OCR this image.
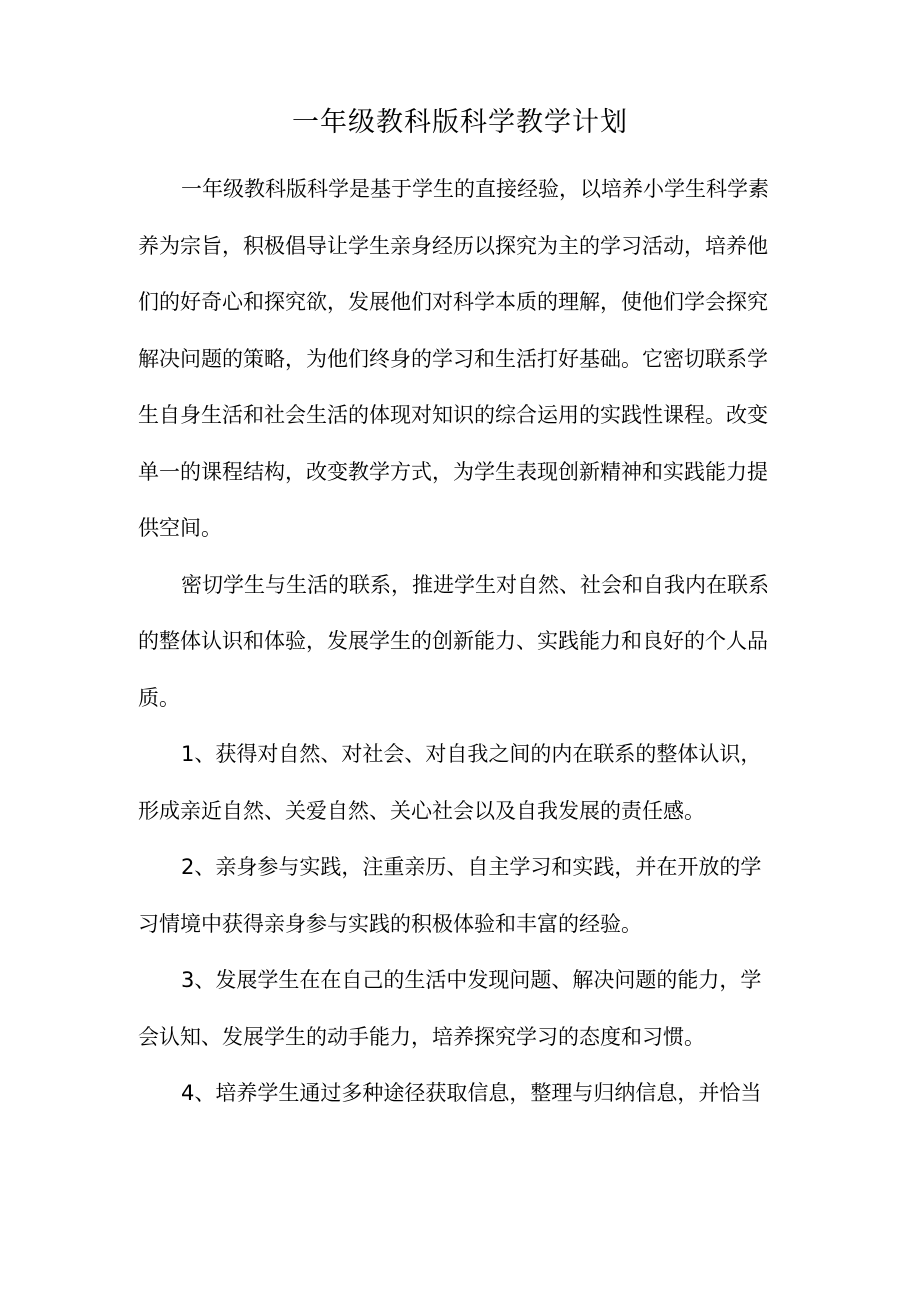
一年级教科版科学教学计划

一年级教科版科学是基于学生的直接经验，以培养小学生科学素

养为宗旨，积极倡导让学生亲身经历以探究为主的学习活动，培养他

们的好奇心和探究欲，发展他们对科学本质的理解，使他们学会探究

解决问题的策略，为他们终身的学习和生活打好基础。它密切联系学

生自身生活和社会生活的体现对知识的综合运用的实践性课程。改变

单一的课程结构，改变教学方式，为学生表现创新精神和实践能力提

供空间。

密切学生与生活的联系，推进学生对自然、社会和自我内在联系

的整体认识和体验，发展学生的创新能力、实践能力和良好的个人品

质。

1、获得对自然、对社会、对自我之间的内在联系的整体认识，

形成亲近自然、关爱自然、关心社会以及自我发展的责任感。

2、亲身参与实践，注重亲历、自主学习和实践，并在开放的学

习情境中获得亲身参与实践的积极体验和丰富的经验。

3、发展学生在在自己的生活中发现问题、解决问题的能力，学

会认知、发展学生的动手能力，培养探究学习的态度和习惯。

4、培养学生通过多种途径获取信息，整理与归纳信息，并恰当
